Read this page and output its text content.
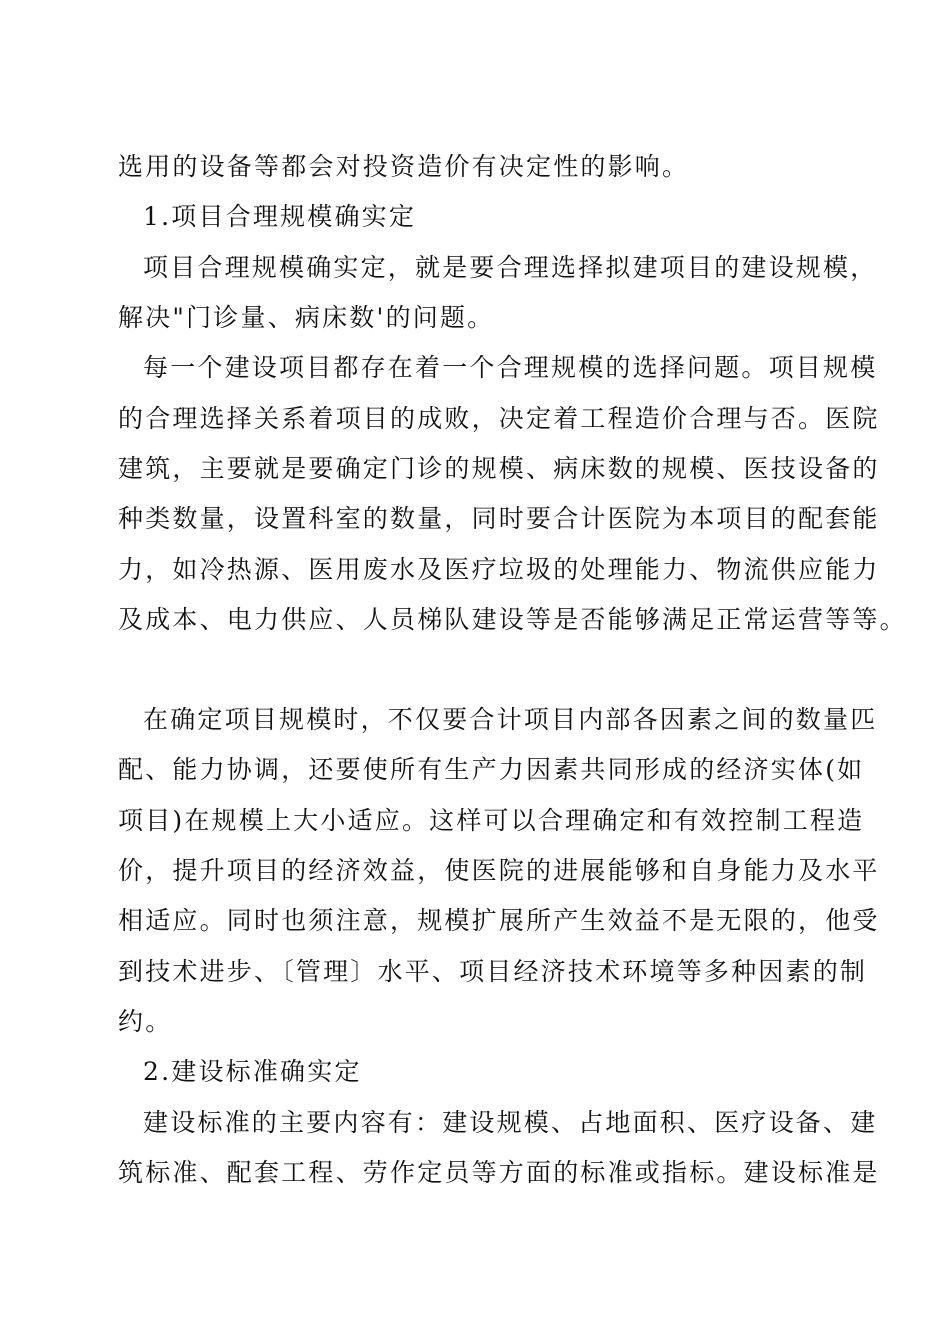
选用的设备等都会对投资造价有决定性的影响。
1.项目合理规模确实定
项目合理规模确实定，就是要合理选择拟建项目的建设规模，
解决"门诊量、病床数'的问题。
每一个建设项目都存在着一个合理规模的选择问题。项目规模
的合理选择关系着项目的成败，决定着工程造价合理与否。医院
建筑，主要就是要确定门诊的规模、病床数的规模、医技设备的
种类数量，设置科室的数量，同时要合计医院为本项目的配套能
力，如冷热源、医用废水及医疗垃圾的处理能力、物流供应能力
及成本、电力供应、人员梯队建设等是否能够满足正常运营等等。
在确定项目规模时，不仅要合计项目内部各因素之间的数量匹
配、能力协调，还要使所有生产力因素共同形成的经济实体(如
项目)在规模上大小适应。这样可以合理确定和有效控制工程造
价，提升项目的经济效益，使医院的进展能够和自身能力及水平
相适应。同时也须注意，规模扩展所产生效益不是无限的，他受
到技术进步、〔管理〕水平、项目经济技术环境等多种因素的制
约。
2.建设标准确实定
建设标准的主要内容有：建设规模、占地面积、医疗设备、建
筑标准、配套工程、劳作定员等方面的标准或指标。建设标准是
